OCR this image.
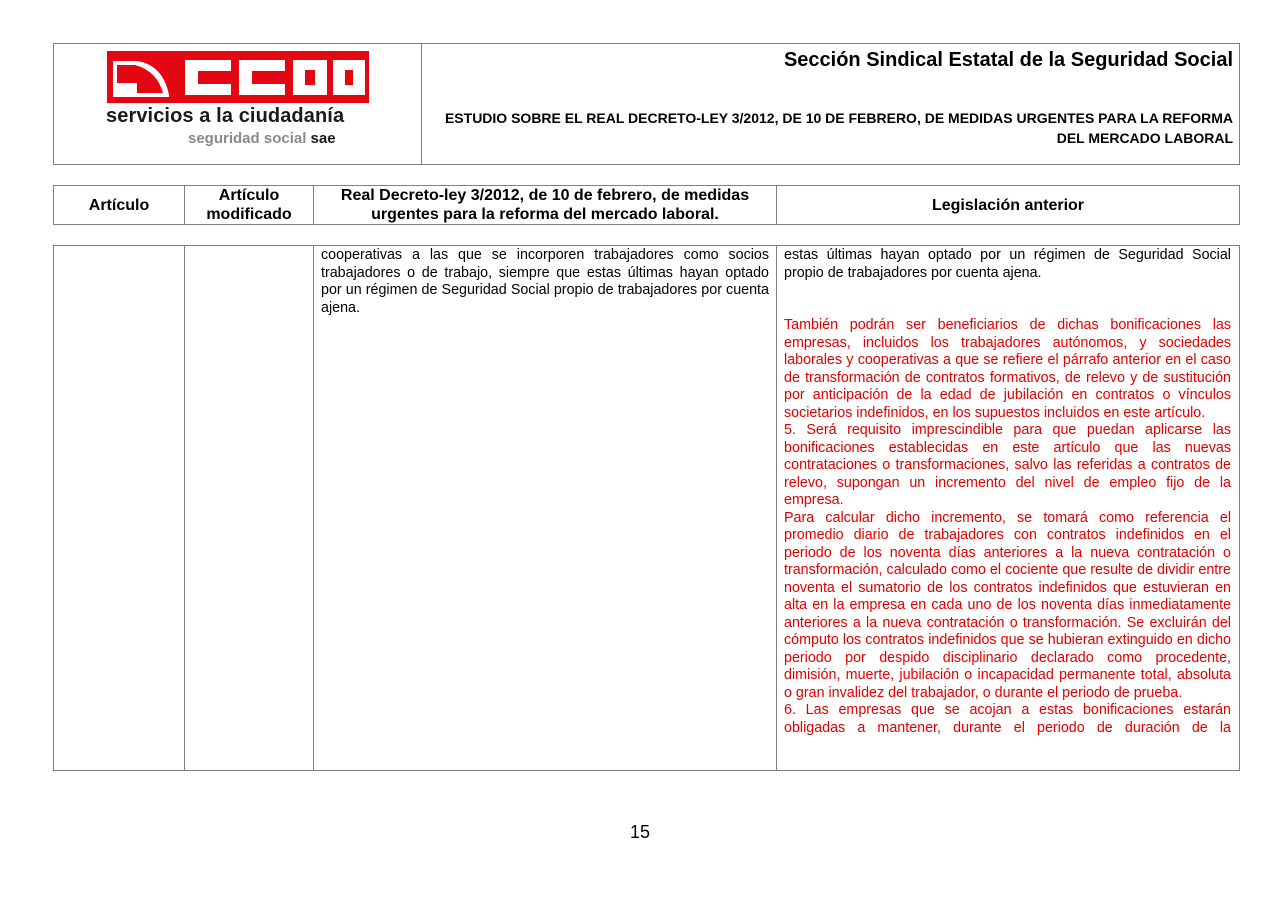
servicios a la ciudadanía
seguridad social sae
Sección Sindical Estatal de la Seguridad Social
ESTUDIO SOBRE EL REAL DECRETO-LEY 3/2012, DE 10 DE FEBRERO, DE MEDIDAS URGENTES PARA LA REFORMA DEL MERCADO LABORAL
Artículo
Artículo modificado
Real Decreto-ley 3/2012, de 10 de febrero, de medidas urgentes para la reforma del mercado laboral.
Legislación anterior

cooperativas a las que se incorporen trabajadores como socios trabajadores o de trabajo, siempre que estas últimas hayan optado por un régimen de Seguridad Social propio de trabajadores por cuenta ajena.

estas últimas hayan optado por un régimen de Seguridad Social propio de trabajadores por cuenta ajena.

También podrán ser beneficiarios de dichas bonificaciones las empresas, incluidos los trabajadores autónomos, y sociedades laborales y cooperativas a que se refiere el párrafo anterior en el caso de transformación de contratos formativos, de relevo y de sustitución por anticipación de la edad de jubilación en contratos o vínculos societarios indefinidos, en los supuestos incluidos en este artículo.

5. Será requisito imprescindible para que puedan aplicarse las bonificaciones establecidas en este artículo que las nuevas contrataciones o transformaciones, salvo las referidas a contratos de relevo, supongan un incremento del nivel de empleo fijo de la empresa.

Para calcular dicho incremento, se tomará como referencia el promedio diario de trabajadores con contratos indefinidos en el periodo de los noventa días anteriores a la nueva contratación o transformación, calculado como el cociente que resulte de dividir entre noventa el sumatorio de los contratos indefinidos que estuvieran en alta en la empresa en cada uno de los noventa días inmediatamente anteriores a la nueva contratación o transformación. Se excluirán del cómputo los contratos indefinidos que se hubieran extinguido en dicho periodo por despido disciplinario declarado como procedente, dimisión, muerte, jubilación o incapacidad permanente total, absoluta o gran invalidez del trabajador, o durante el periodo de prueba.

6. Las empresas que se acojan a estas bonificaciones estarán obligadas a mantener, durante el periodo de duración de la

15
